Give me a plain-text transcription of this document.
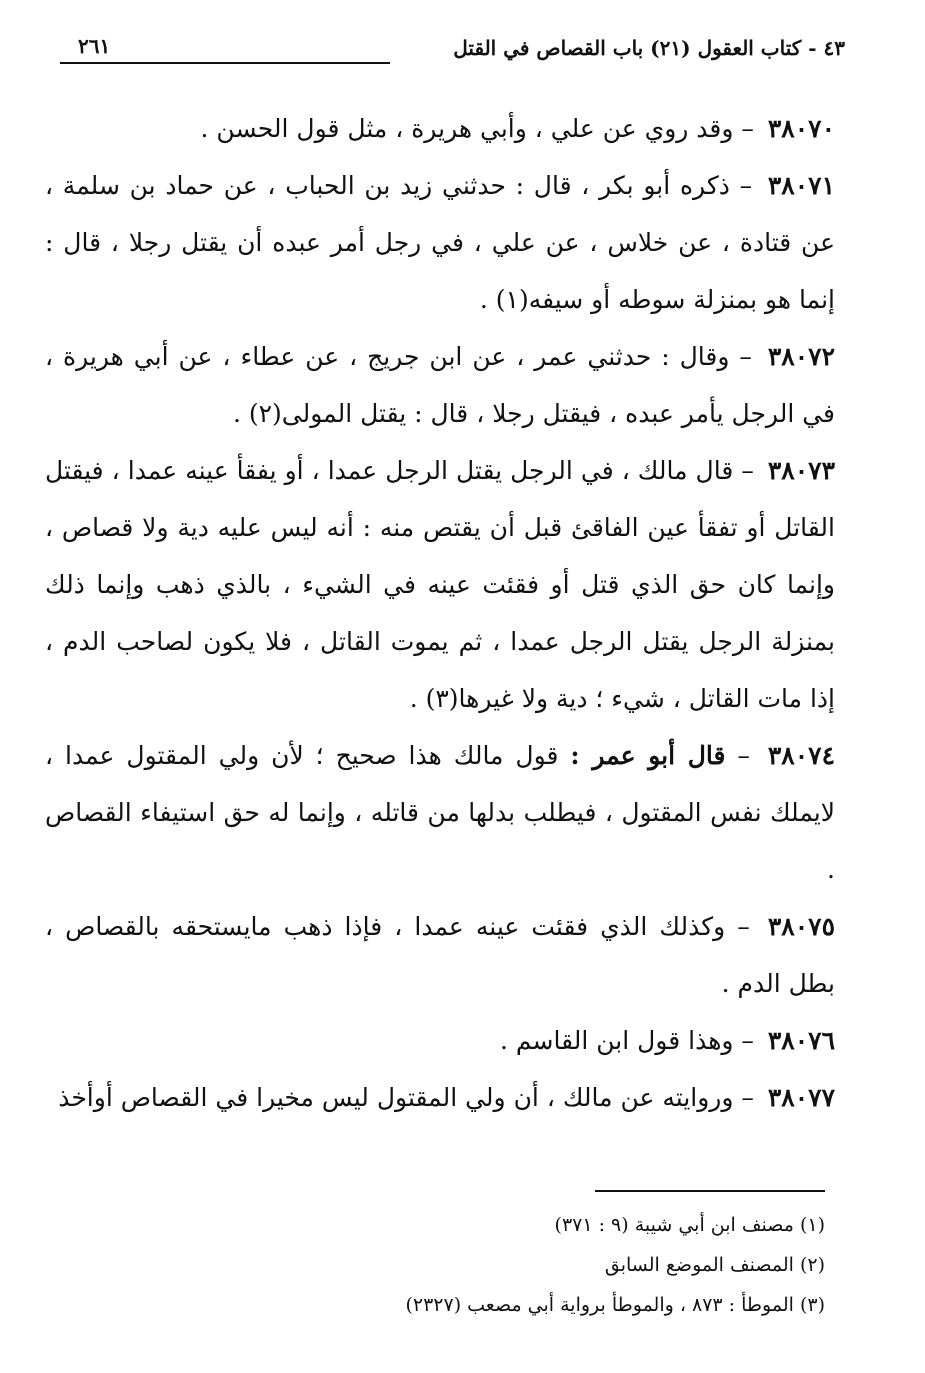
٤٣ - كتاب العقول (٢١) باب القصاص في القتل
٢٦١

٣٨٠٧٠ – وقد روي عن علي ، وأبي هريرة ، مثل قول الحسن .

٣٨٠٧١ – ذكره أبو بكر ، قال : حدثني زيد بن الحباب ، عن حماد بن سلمة ، عن قتادة ، عن خلاس ، عن علي ، في رجل أمر عبده أن يقتل رجلا ، قال : إنما هو بمنزلة سوطه أو سيفه(١) .

٣٨٠٧٢ – وقال : حدثني عمر ، عن ابن جريج ، عن عطاء ، عن أبي هريرة ، في الرجل يأمر عبده ، فيقتل رجلا ، قال : يقتل المولى(٢) .

٣٨٠٧٣ – قال مالك ، في الرجل يقتل الرجل عمدا ، أو يفقأ عينه عمدا ، فيقتل القاتل أو تفقأ عين الفاقئ قبل أن يقتص منه : أنه ليس عليه دية ولا قصاص ، وإنما كان حق الذي قتل أو فقئت عينه في الشيء ، بالذي ذهب وإنما ذلك بمنزلة الرجل يقتل الرجل عمدا ، ثم يموت القاتل ، فلا يكون لصاحب الدم ، إذا مات القاتل ، شيء ؛ دية ولا غيرها(٣) .

٣٨٠٧٤ – قال أبو عمر : قول مالك هذا صحيح ؛ لأن ولي المقتول عمدا ، لايملك نفس المقتول ، فيطلب بدلها من قاتله ، وإنما له حق استيفاء القصاص .

٣٨٠٧٥ – وكذلك الذي فقئت عينه عمدا ، فإذا ذهب مايستحقه بالقصاص ، بطل الدم .

٣٨٠٧٦ – وهذا قول ابن القاسم .

٣٨٠٧٧ – وروايته عن مالك ، أن ولي المقتول ليس مخيرا في القصاص أوأخذ

(١) مصنف ابن أبي شيبة (٩ : ٣٧١)

(٢) المصنف الموضع السابق

(٣) الموطأ : ٨٧٣ ، والموطأ برواية أبي مصعب (٢٣٢٧)
